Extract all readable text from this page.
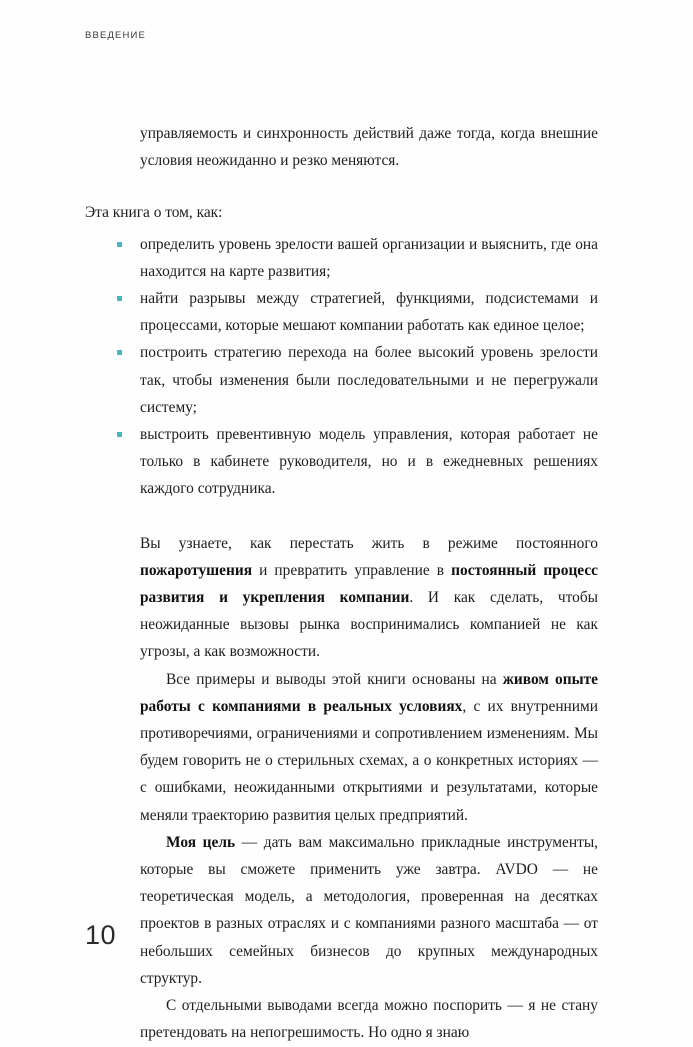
ВВЕДЕНИЕ

управляемость и синхронность действий даже тогда, когда внешние условия неожиданно и резко меняются.

Эта книга о том, как:

определить уровень зрелости вашей организации и выяснить, где она находится на карте развития;
найти разрывы между стратегией, функциями, подсистемами и процессами, которые мешают компании работать как единое целое;
построить стратегию перехода на более высокий уровень зрелости так, чтобы изменения были последовательными и не перегружали систему;
выстроить превентивную модель управления, которая работает не только в кабинете руководителя, но и в ежедневных решениях каждого сотрудника.

Вы узнаете, как перестать жить в режиме постоянного пожаротушения и превратить управление в постоянный процесс развития и укрепления компании. И как сделать, чтобы неожиданные вызовы рынка воспринимались компанией не как угрозы, а как возможности.

Все примеры и выводы этой книги основаны на живом опыте работы с компаниями в реальных условиях, с их внутренними противоречиями, ограничениями и сопротивлением изменениям. Мы будем говорить не о стерильных схемах, а о конкретных историях — с ошибками, неожиданными открытиями и результатами, которые меняли траекторию развития целых предприятий.

Моя цель — дать вам максимально прикладные инструменты, которые вы сможете применить уже завтра. AVDO — не теоретическая модель, а методология, проверенная на десятках проектов в разных отраслях и с компаниями разного масштаба — от небольших семейных бизнесов до крупных международных структур.

С отдельными выводами всегда можно поспорить — я не стану претендовать на непогрешимость. Но одно я знаю

10
